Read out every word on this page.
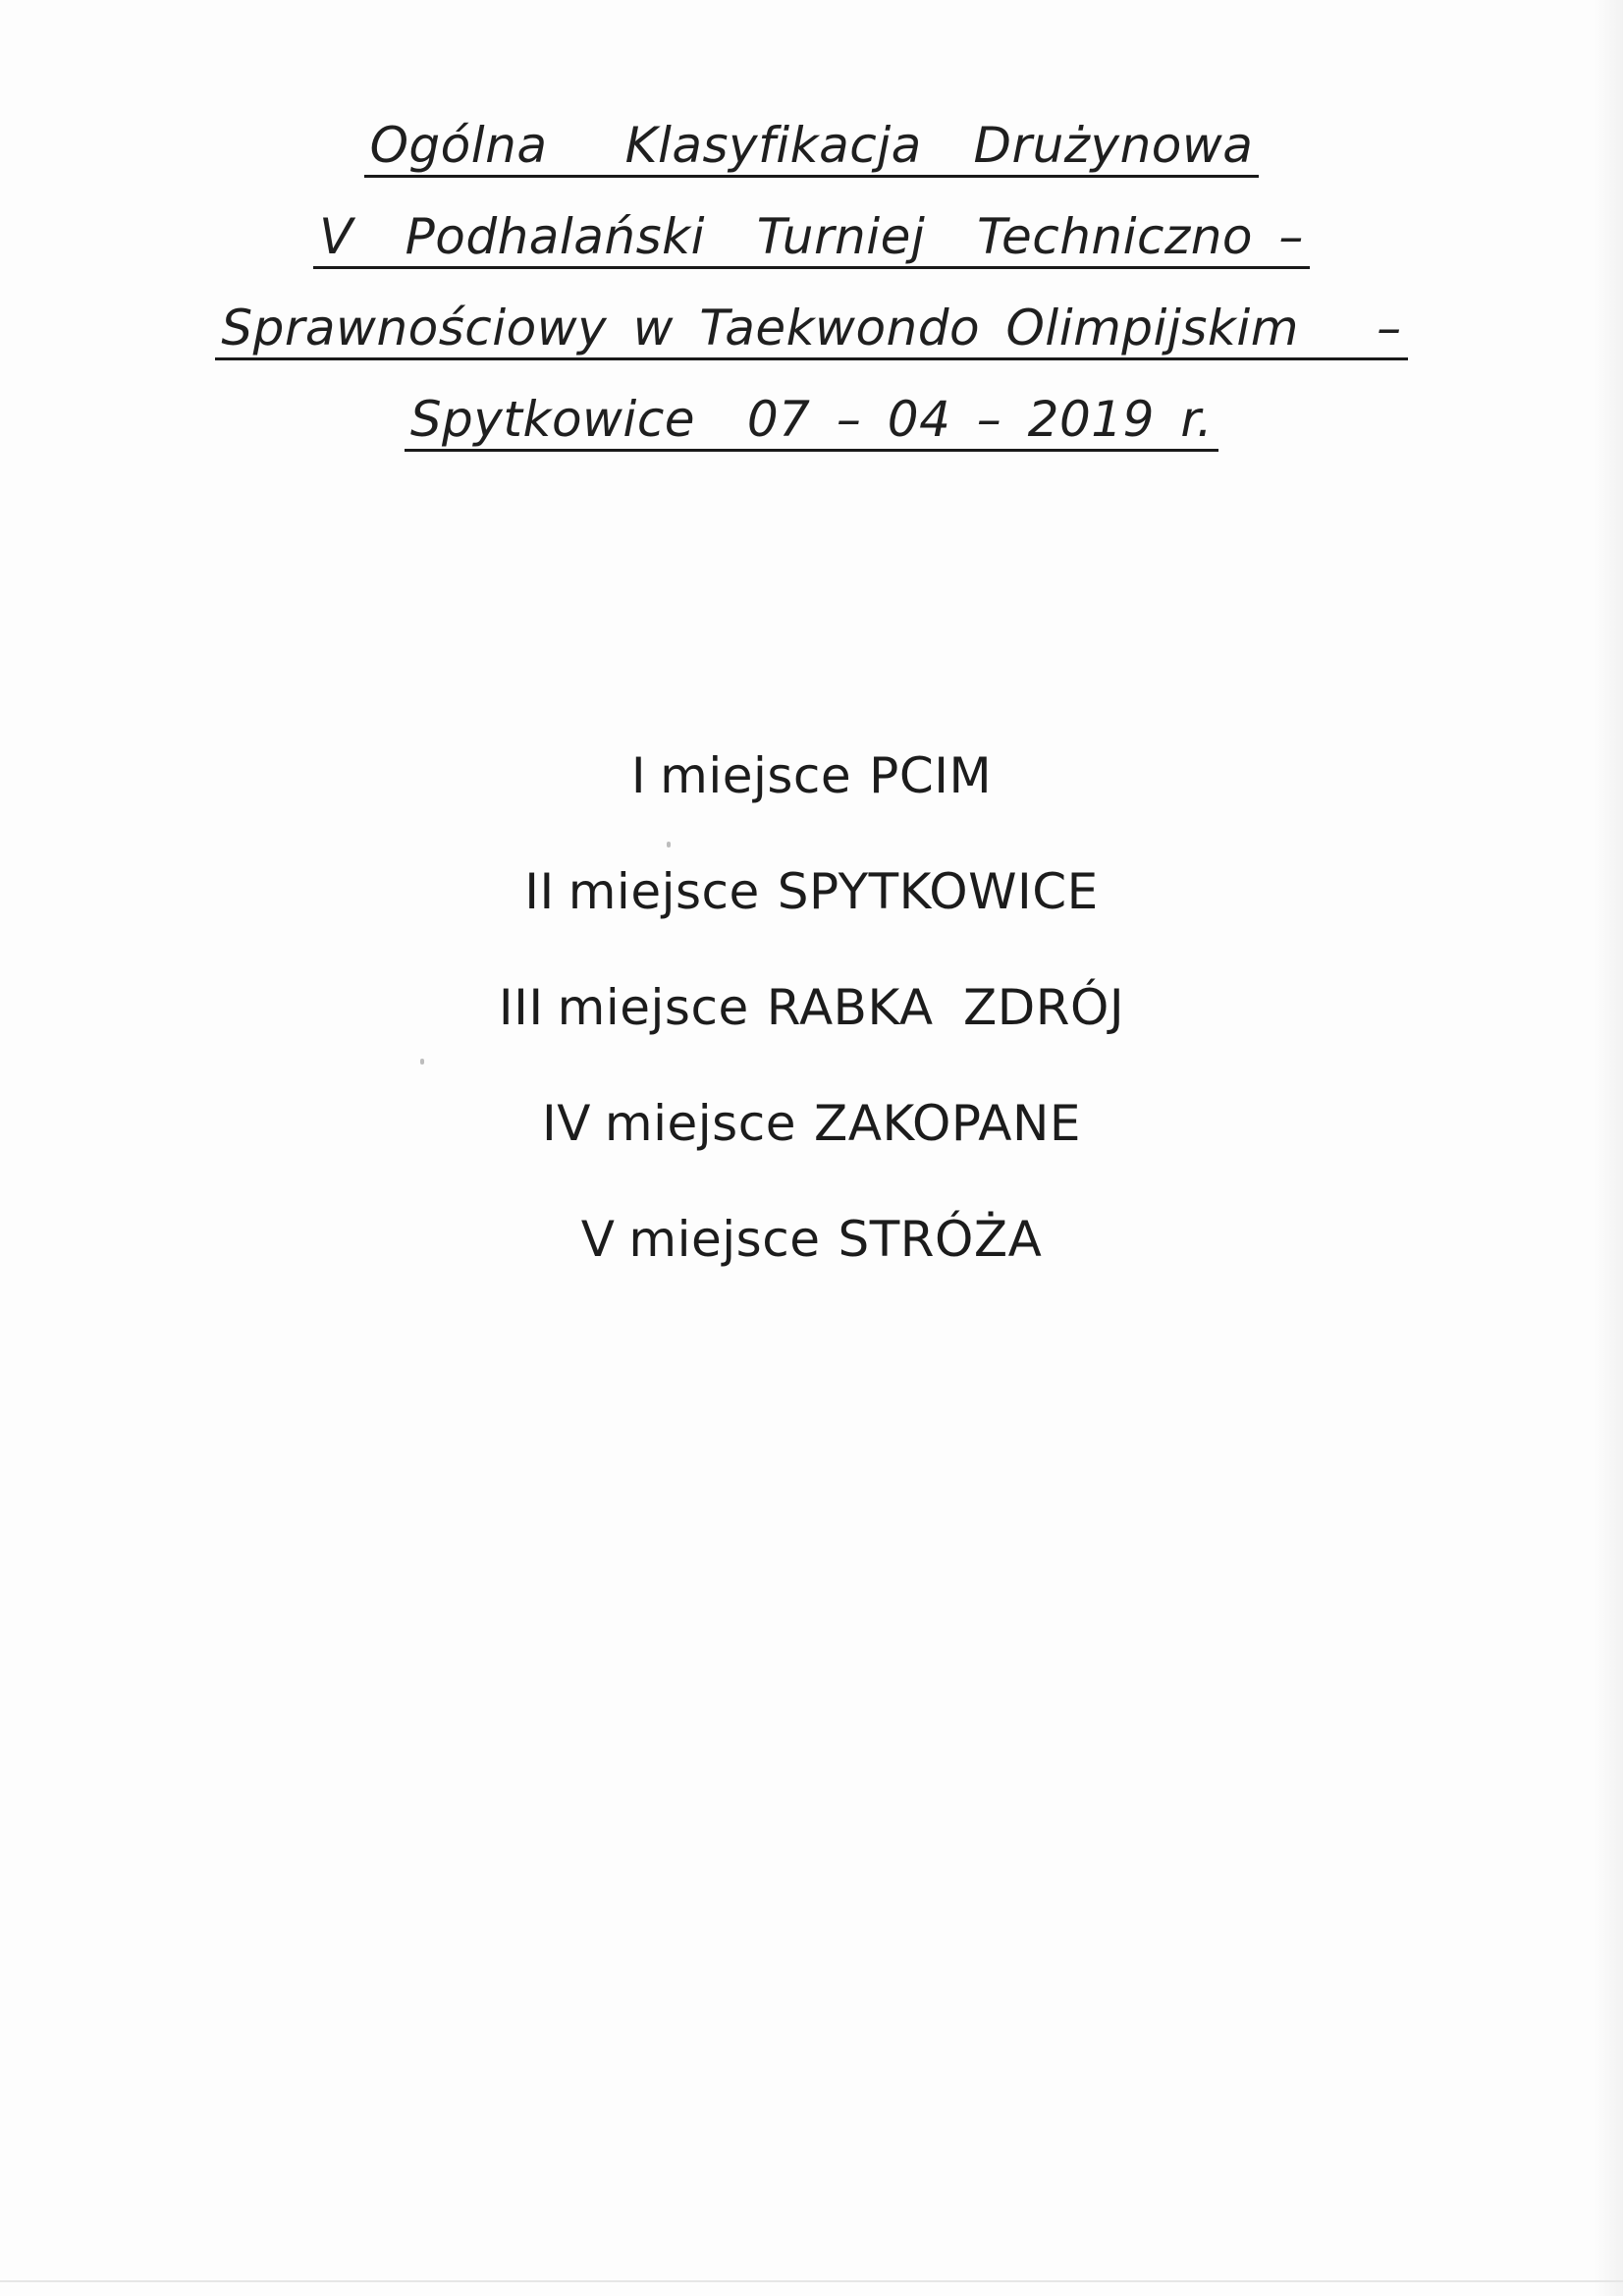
Ogólna   Klasyfikacja  Drużynowa
V  Podhalański  Turniej  Techniczno –
Sprawnościowy w Taekwondo Olimpijskim   –
Spytkowice  07 – 04 – 2019 r.
I miejsce PCIM
II miejsce SPYTKOWICE
III miejsce RABKA ZDRÓJ
IV miejsce ZAKOPANE
V miejsce STRÓŻA
